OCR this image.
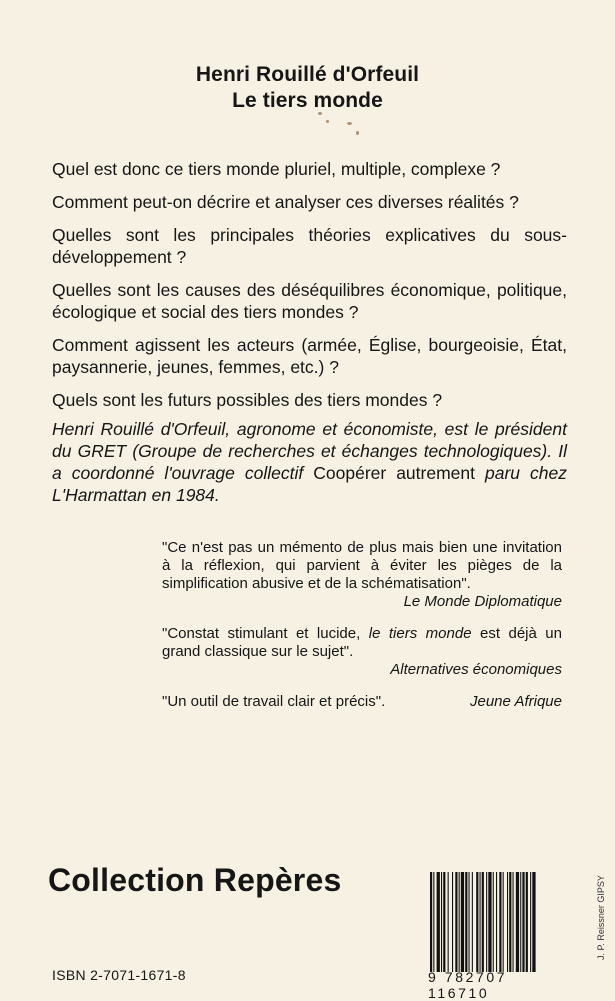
Henri Rouillé d'Orfeuil
Le tiers monde

Quel est donc ce tiers monde pluriel, multiple, complexe ?

Comment peut-on décrire et analyser ces diverses réalités ?

Quelles sont les principales théories explicatives du sous-développement ?

Quelles sont les causes des déséquilibres économique, politique, écologique et social des tiers mondes ?

Comment agissent les acteurs (armée, Église, bourgeoisie, État, paysannerie, jeunes, femmes, etc.) ?

Quels sont les futurs possibles des tiers mondes ?

Henri Rouillé d'Orfeuil, agronome et économiste, est le président du GRET (Groupe de recherches et échanges technologiques). Il a coordonné l'ouvrage collectif Coopérer autrement paru chez L'Harmattan en 1984.

"Ce n'est pas un mémento de plus mais bien une invitation à la réflexion, qui parvient à éviter les pièges de la simplification abusive et de la schématisation".

Le Monde Diplomatique

"Constat stimulant et lucide, le tiers monde est déjà un grand classique sur le sujet".

Alternatives économiques
"Un outil de travail clair et précis".	Jeune Afrique
Collection Repères
ISBN 2-7071-1671-8	9 782707 116710
J. P. Reissner GIPSY
